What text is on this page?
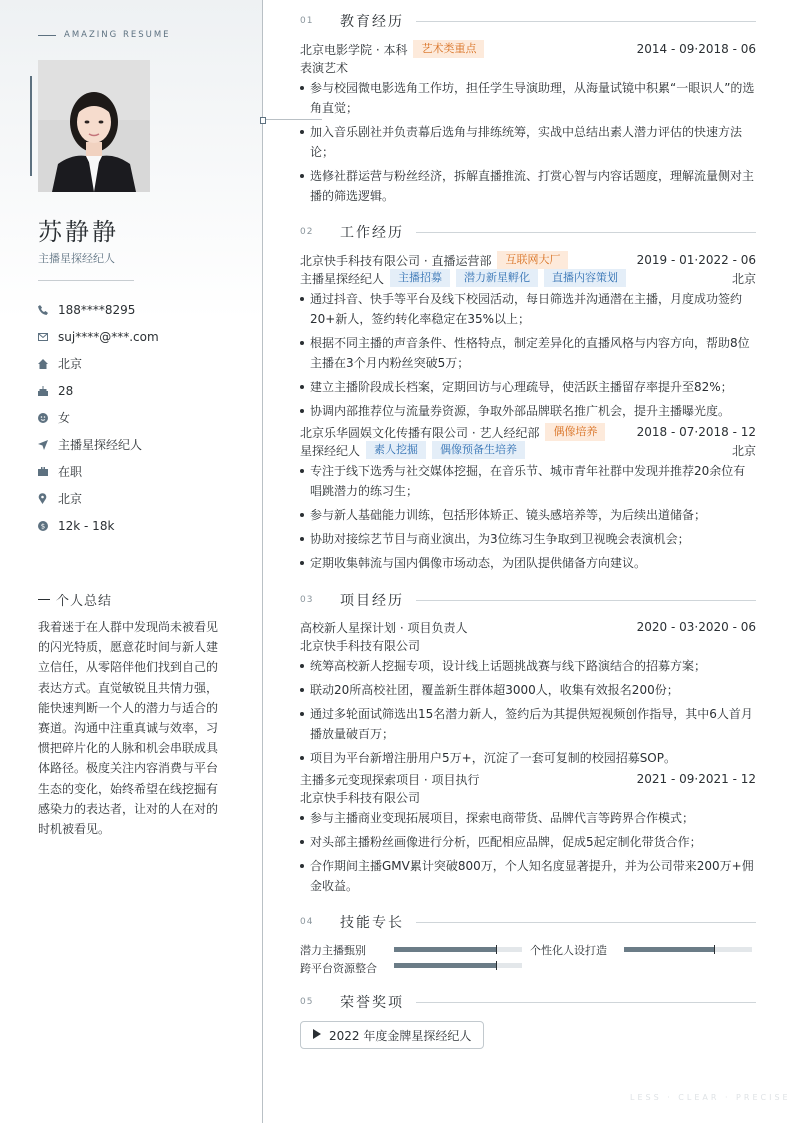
AMAZING RESUME
苏静静
主播星探经纪人
188****8295
suj****@***.com
北京
28
女
主播星探经纪人
在职
北京
$ 12k - 18k
个人总结
我着迷于在人群中发现尚未被看见的闪光特质，愿意花时间与新人建立信任，从零陪伴他们找到自己的表达方式。直觉敏锐且共情力强，能快速判断一个人的潜力与适合的赛道。沟通中注重真诚与效率，习惯把碎片化的人脉和机会串联成具体路径。极度关注内容消费与平台生态的变化，始终希望在线挖掘有感染力的表达者，让对的人在对的时机被看见。
01	教育经历
北京电影学院 · 本科	艺术类重点	2014 - 09·2018 - 06
表演艺术
参与校园微电影选角工作坊，担任学生导演助理，从海量试镜中积累“一眼识人”的选角直觉；
加入音乐剧社并负责幕后选角与排练统筹，实战中总结出素人潜力评估的快速方法论；
选修社群运营与粉丝经济，拆解直播推流、打赏心智与内容话题度，理解流量侧对主播的筛选逻辑。
02	工作经历
北京快手科技有限公司 · 直播运营部	互联网大厂	2019 - 01·2022 - 06
主播星探经纪人	主播招募	潜力新星孵化	直播内容策划	北京
通过抖音、快手等平台及线下校园活动，每日筛选并沟通潜在主播，月度成功签约20+新人，签约转化率稳定在35%以上；
根据不同主播的声音条件、性格特点，制定差异化的直播风格与内容方向，帮助8位主播在3个月内粉丝突破5万；
建立主播阶段成长档案，定期回访与心理疏导，使活跃主播留存率提升至82%；
协调内部推荐位与流量券资源，争取外部品牌联名推广机会，提升主播曝光度。
北京乐华圆娱文化传播有限公司 · 艺人经纪部	偶像培养	2018 - 07·2018 - 12
星探经纪人	素人挖掘	偶像预备生培养	北京
专注于线下选秀与社交媒体挖掘，在音乐节、城市青年社群中发现并推荐20余位有唱跳潜力的练习生；
参与新人基础能力训练，包括形体矫正、镜头感培养等，为后续出道储备；
协助对接综艺节目与商业演出，为3位练习生争取到卫视晚会表演机会；
定期收集韩流与国内偶像市场动态，为团队提供储备方向建议。
03	项目经历
高校新人星探计划 · 项目负责人	2020 - 03·2020 - 06
北京快手科技有限公司
统筹高校新人挖掘专项，设计线上话题挑战赛与线下路演结合的招募方案；
联动20所高校社团，覆盖新生群体超3000人，收集有效报名200份；
通过多轮面试筛选出15名潜力新人，签约后为其提供短视频创作指导，其中6人首月播放量破百万；
项目为平台新增注册用户5万+，沉淀了一套可复制的校园招募SOP。
主播多元变现探索项目 · 项目执行	2021 - 09·2021 - 12
北京快手科技有限公司
参与主播商业变现拓展项目，探索电商带货、品牌代言等跨界合作模式；
对头部主播粉丝画像进行分析，匹配相应品牌，促成5起定制化带货合作；
合作期间主播GMV累计突破800万，个人知名度显著提升，并为公司带来200万+佣金收益。
04	技能专长
潜力主播甄别	个性化人设打造
跨平台资源整合
05	荣誉奖项
2022 年度金牌星探经纪人
LESS · CLEAR · PRECISE
